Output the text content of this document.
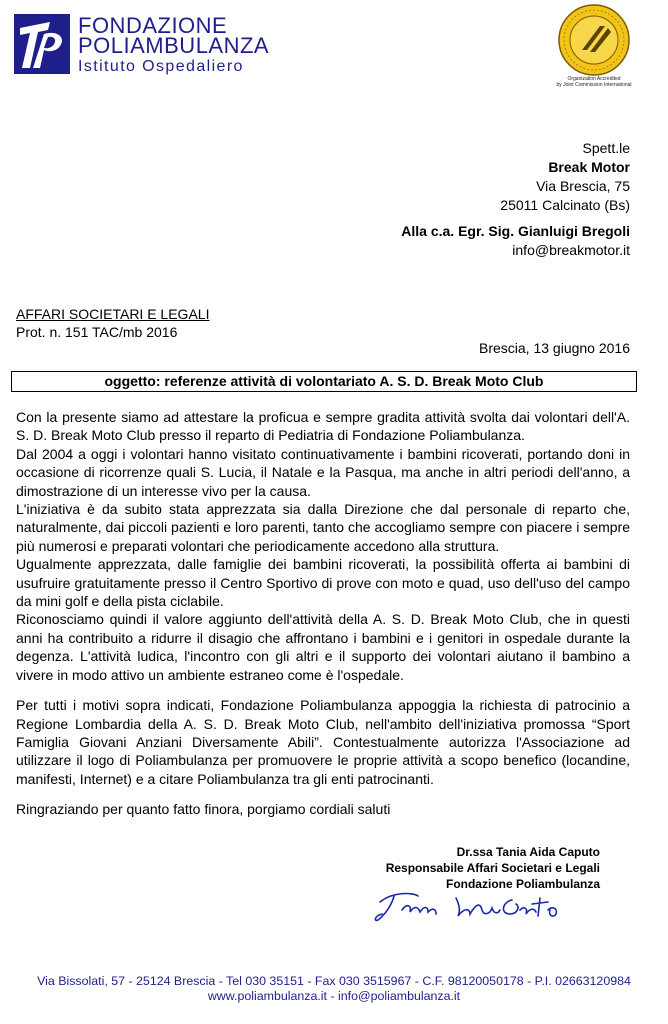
FONDAZIONE
POLIAMBULANZA
Istituto Ospedaliero
Organization Accredited
by Joint Commission International
Spett.le
Break Motor
Via Brescia, 75
25011 Calcinato (Bs)
Alla c.a. Egr. Sig. Gianluigi Bregoli
info@breakmotor.it
AFFARI SOCIETARI E LEGALI
Prot. n. 151 TAC/mb 2016
Brescia, 13 giugno 2016
oggetto: referenze attività di volontariato A. S. D. Break Moto Club

Con la presente siamo ad attestare la proficua e sempre gradita attività svolta dai volontari dell'A. S. D. Break Moto Club presso il reparto di Pediatria di Fondazione Poliambulanza.

Dal 2004 a oggi i volontari hanno visitato continuativamente i bambini ricoverati, portando doni in occasione di ricorrenze quali S. Lucia, il Natale e la Pasqua, ma anche in altri periodi dell'anno, a dimostrazione di un interesse vivo per la causa.

L'iniziativa è da subito stata apprezzata sia dalla Direzione che dal personale di reparto che, naturalmente, dai piccoli pazienti e loro parenti, tanto che accogliamo sempre con piacere i sempre più numerosi e preparati volontari che periodicamente accedono alla struttura.

Ugualmente apprezzata, dalle famiglie dei bambini ricoverati, la possibilità offerta ai bambini di usufruire gratuitamente presso il Centro Sportivo di prove con moto e quad, uso dell'uso del campo da mini golf e della pista ciclabile.

Riconosciamo quindi il valore aggiunto dell'attività della A. S. D. Break Moto Club, che in questi anni ha contribuito a ridurre il disagio che affrontano i bambini e i genitori in ospedale durante la degenza. L'attività ludica, l'incontro con gli altri e il supporto dei volontari aiutano il bambino a vivere in modo attivo un ambiente estraneo come è l'ospedale.

Per tutti i motivi sopra indicati, Fondazione Poliambulanza appoggia la richiesta di patrocinio a Regione Lombardia della A. S. D. Break Moto Club, nell'ambito dell'iniziativa promossa “Sport Famiglia Giovani Anziani Diversamente Abili”. Contestualmente autorizza l'Associazione ad utilizzare il logo di Poliambulanza per promuovere le proprie attività a scopo benefico (locandine, manifesti, Internet) e a citare Poliambulanza tra gli enti patrocinanti.

Ringraziando per quanto fatto finora, porgiamo cordiali saluti

Dr.ssa Tania Aida Caputo
Responsabile Affari Societari e Legali
Fondazione Poliambulanza
Via Bissolati, 57 - 25124 Brescia - Tel 030 35151 - Fax 030 3515967 - C.F. 98120050178 - P.I. 02663120984
www.poliambulanza.it - info@poliambulanza.it
